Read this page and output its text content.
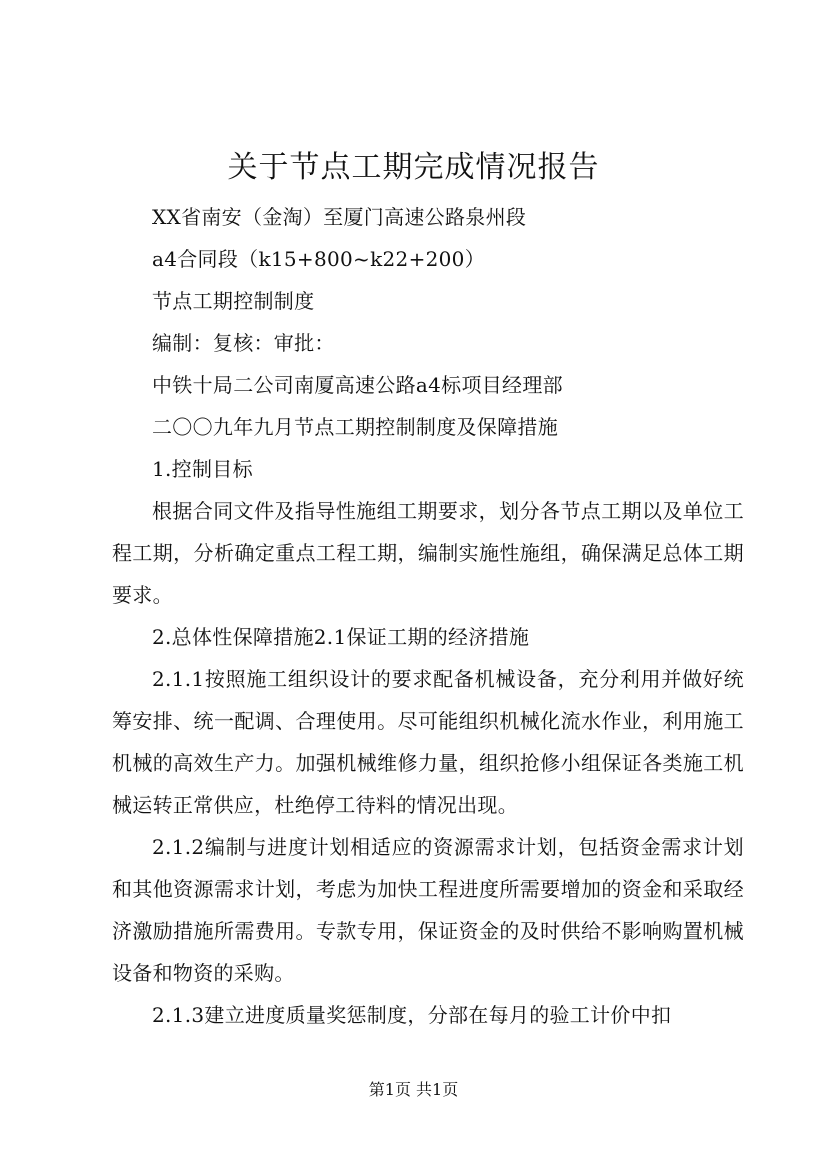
关于节点工期完成情况报告

XX省南安（金淘）至厦门高速公路泉州段

a4合同段（k15+800~k22+200）

节点工期控制制度

编制：复核：审批：

中铁十局二公司南厦高速公路a4标项目经理部

二〇〇九年九月节点工期控制制度及保障措施

1.控制目标

根据合同文件及指导性施组工期要求，划分各节点工期以及单位工程工期，分析确定重点工程工期，编制实施性施组，确保满足总体工期要求。

2.总体性保障措施2.1保证工期的经济措施

2.1.1按照施工组织设计的要求配备机械设备，充分利用并做好统筹安排、统一配调、合理使用。尽可能组织机械化流水作业，利用施工机械的高效生产力。加强机械维修力量，组织抢修小组保证各类施工机械运转正常供应，杜绝停工待料的情况出现。

2.1.2编制与进度计划相适应的资源需求计划，包括资金需求计划和其他资源需求计划，考虑为加快工程进度所需要增加的资金和采取经济激励措施所需费用。专款专用，保证资金的及时供给不影响购置机械设备和物资的采购。

2.1.3建立进度质量奖惩制度，分部在每月的验工计价中扣

第1页 共1页
